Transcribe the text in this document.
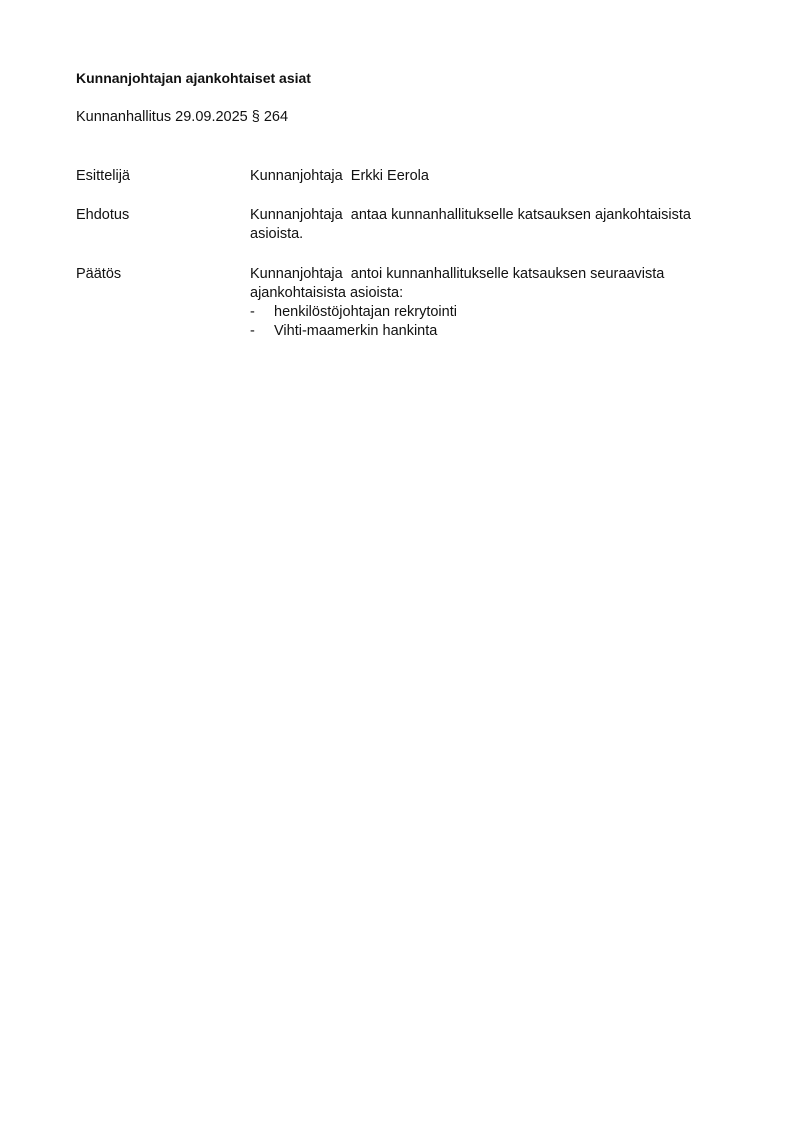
Kunnanjohtajan ajankohtaiset asiat
Kunnanhallitus 29.09.2025 § 264
Esittelijä	Kunnanjohtaja  Erkki Eerola
Ehdotus	Kunnanjohtaja  antaa kunnanhallitukselle katsauksen ajankohtaisista asioista.
Päätös	Kunnanjohtaja  antoi kunnanhallitukselle katsauksen seuraavista ajankohtaisista asioista:
- henkilöstöjohtajan rekrytointi
- Vihti-maamerkin hankinta
